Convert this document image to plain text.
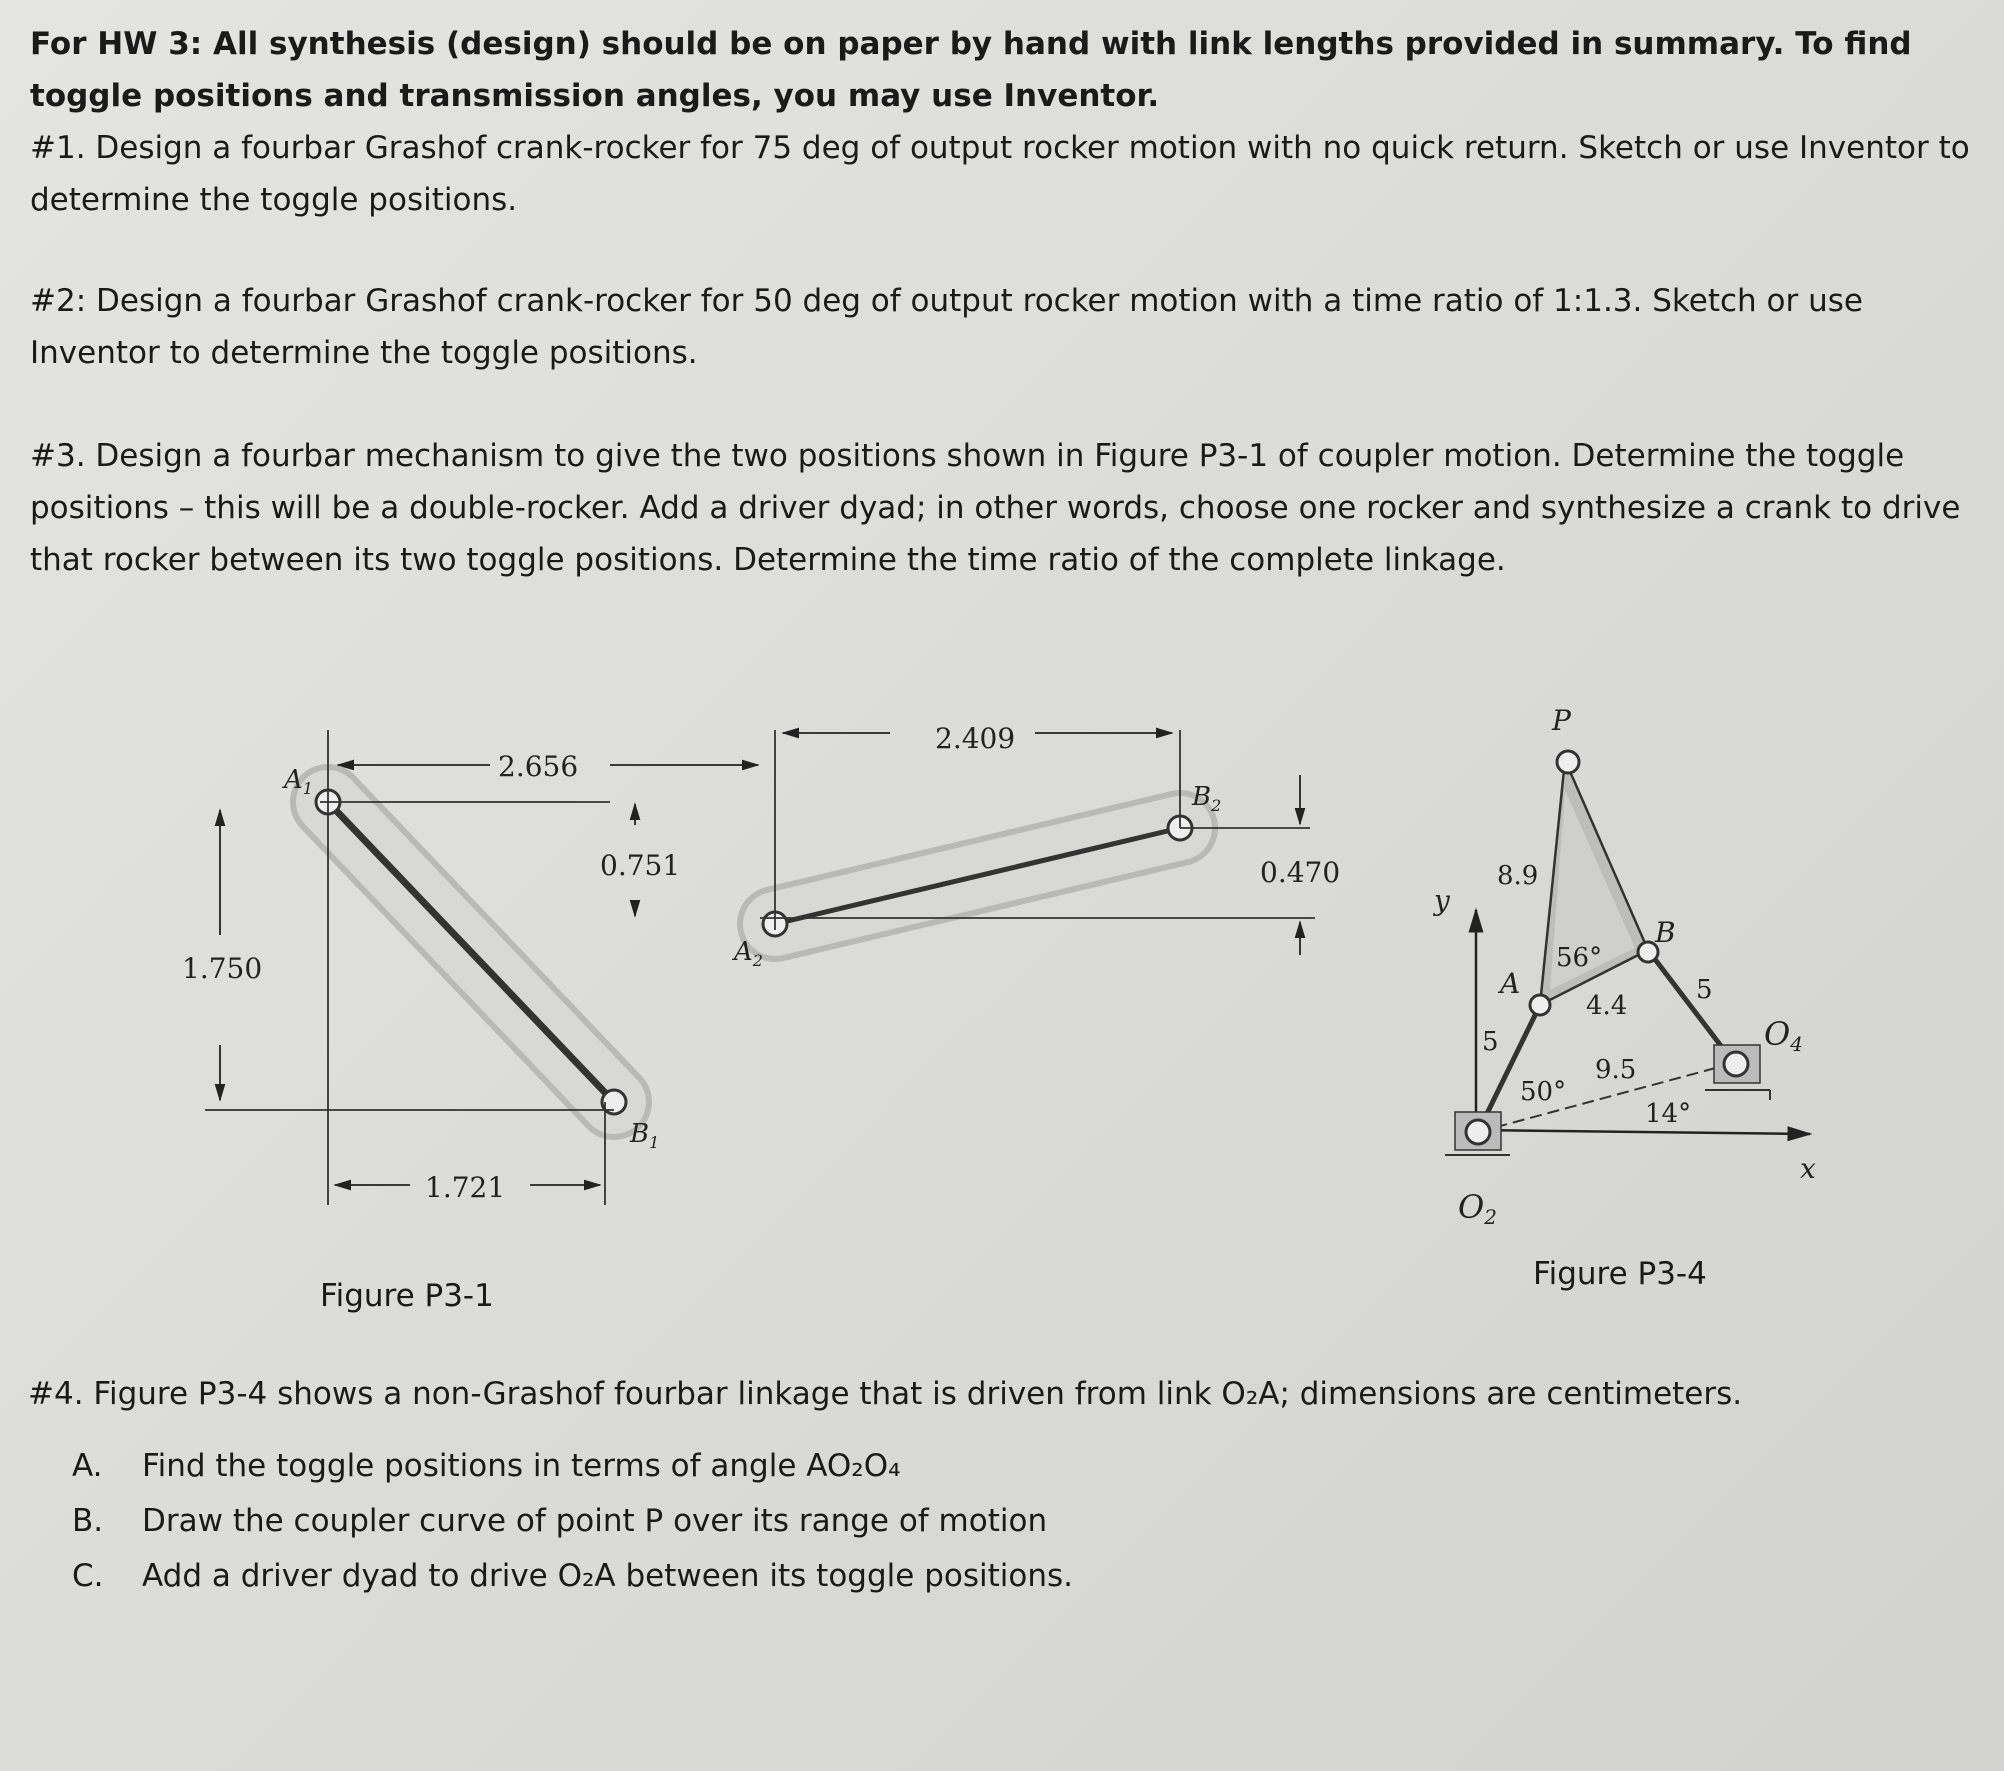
For HW 3: All synthesis (design) should be on paper by hand with link lengths provided in summary. To find toggle positions and transmission angles, you may use Inventor.
#1. Design a fourbar Grashof crank-rocker for 75 deg of output rocker motion with no quick return. Sketch or use Inventor to determine the toggle positions.
#2: Design a fourbar Grashof crank-rocker for 50 deg of output rocker motion with a time ratio of 1:1.3. Sketch or use Inventor to determine the toggle positions.
#3. Design a fourbar mechanism to give the two positions shown in Figure P3-1 of coupler motion. Determine the toggle positions – this will be a double-rocker. Add a driver dyad; in other words, choose one rocker and synthesize a crank to drive that rocker between its two toggle positions. Determine the time ratio of the complete linkage.
2.656
1.750
1.721
0.751
2.409
0.470
$A_1$
$B_1$
$A_2$
$B_2$
P
A
B
y
x
O2
O4
8.9
4.4
5
5
9.5
56°
50°
14°
Figure P3-1
Figure P3-4
#4. Figure P3-4 shows a non-Grashof fourbar linkage that is driven from link O₂A; dimensions are centimeters.
A. Find the toggle positions in terms of angle AO₂O₄
B. Draw the coupler curve of point P over its range of motion
C. Add a driver dyad to drive O₂A between its toggle positions.
